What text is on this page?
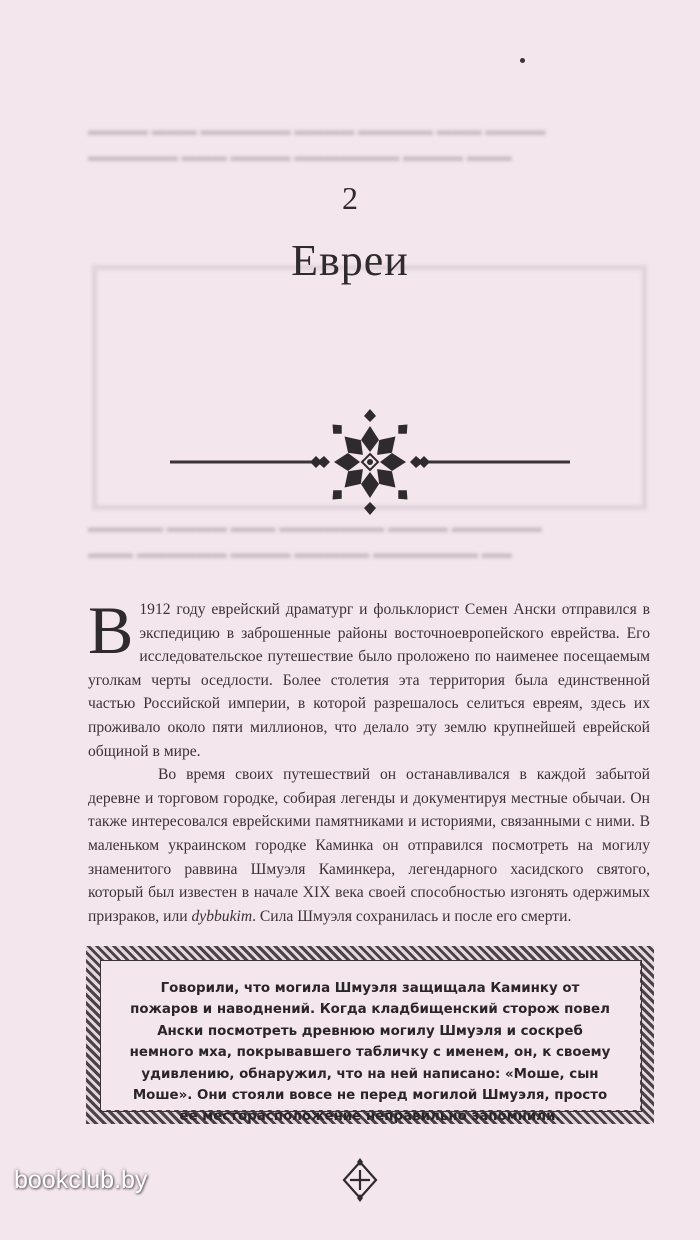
▬▬▬▬ ▬▬▬ ▬▬▬▬▬▬ ▬▬▬▬ ▬▬▬▬▬ ▬▬▬ ▬▬▬▬
▬▬▬▬▬▬ ▬▬▬ ▬▬▬▬ ▬▬▬▬▬▬▬ ▬▬▬▬ ▬▬▬
▬▬▬▬▬ ▬▬▬▬ ▬▬▬ ▬▬▬▬▬▬▬ ▬▬▬▬ ▬▬▬▬▬▬
▬▬▬ ▬▬▬▬▬▬ ▬▬▬▬ ▬▬▬▬▬ ▬▬▬▬▬▬▬ ▬▬
2
Евреи

В 1912 году еврейский драматург и фольклорист Семен Ански отправился в экспедицию в заброшенные районы восточноевропейского еврейства. Его исследовательское путешествие было проложено по наименее посещаемым уголкам черты оседлости. Более столетия эта территория была единственной частью Российской империи, в которой разрешалось селиться евреям, здесь их проживало около пяти миллионов, что делало эту землю крупнейшей еврейской общиной в мире.

Во время своих путешествий он останавливался в каждой забытой деревне и торговом городке, собирая легенды и документируя местные обычаи. Он также интересовался еврейскими памятниками и историями, связанными с ними. В маленьком украинском городке Каминка он отправился посмотреть на могилу знаменитого раввина Шмуэля Каминкера, легендарного хасидского святого, который был известен в начале XIX века своей способностью изгонять одержимых призраков, или dybbukim. Сила Шмуэля сохранилась и после его смерти.

Говорили, что могила Шмуэля защищала Каминку от пожаров и наводнений. Когда кладбищенский сторож повел Ански посмотреть древнюю могилу Шмуэля и соскреб немного мха, покрывавшего табличку с именем, он, к своему удивлению, обнаружил, что на ней написано: «Моше, сын Моше». Они стояли вовсе не перед могилой Шмуэля, просто ее месторасположение неправильно запомнили.

bookclub.by
